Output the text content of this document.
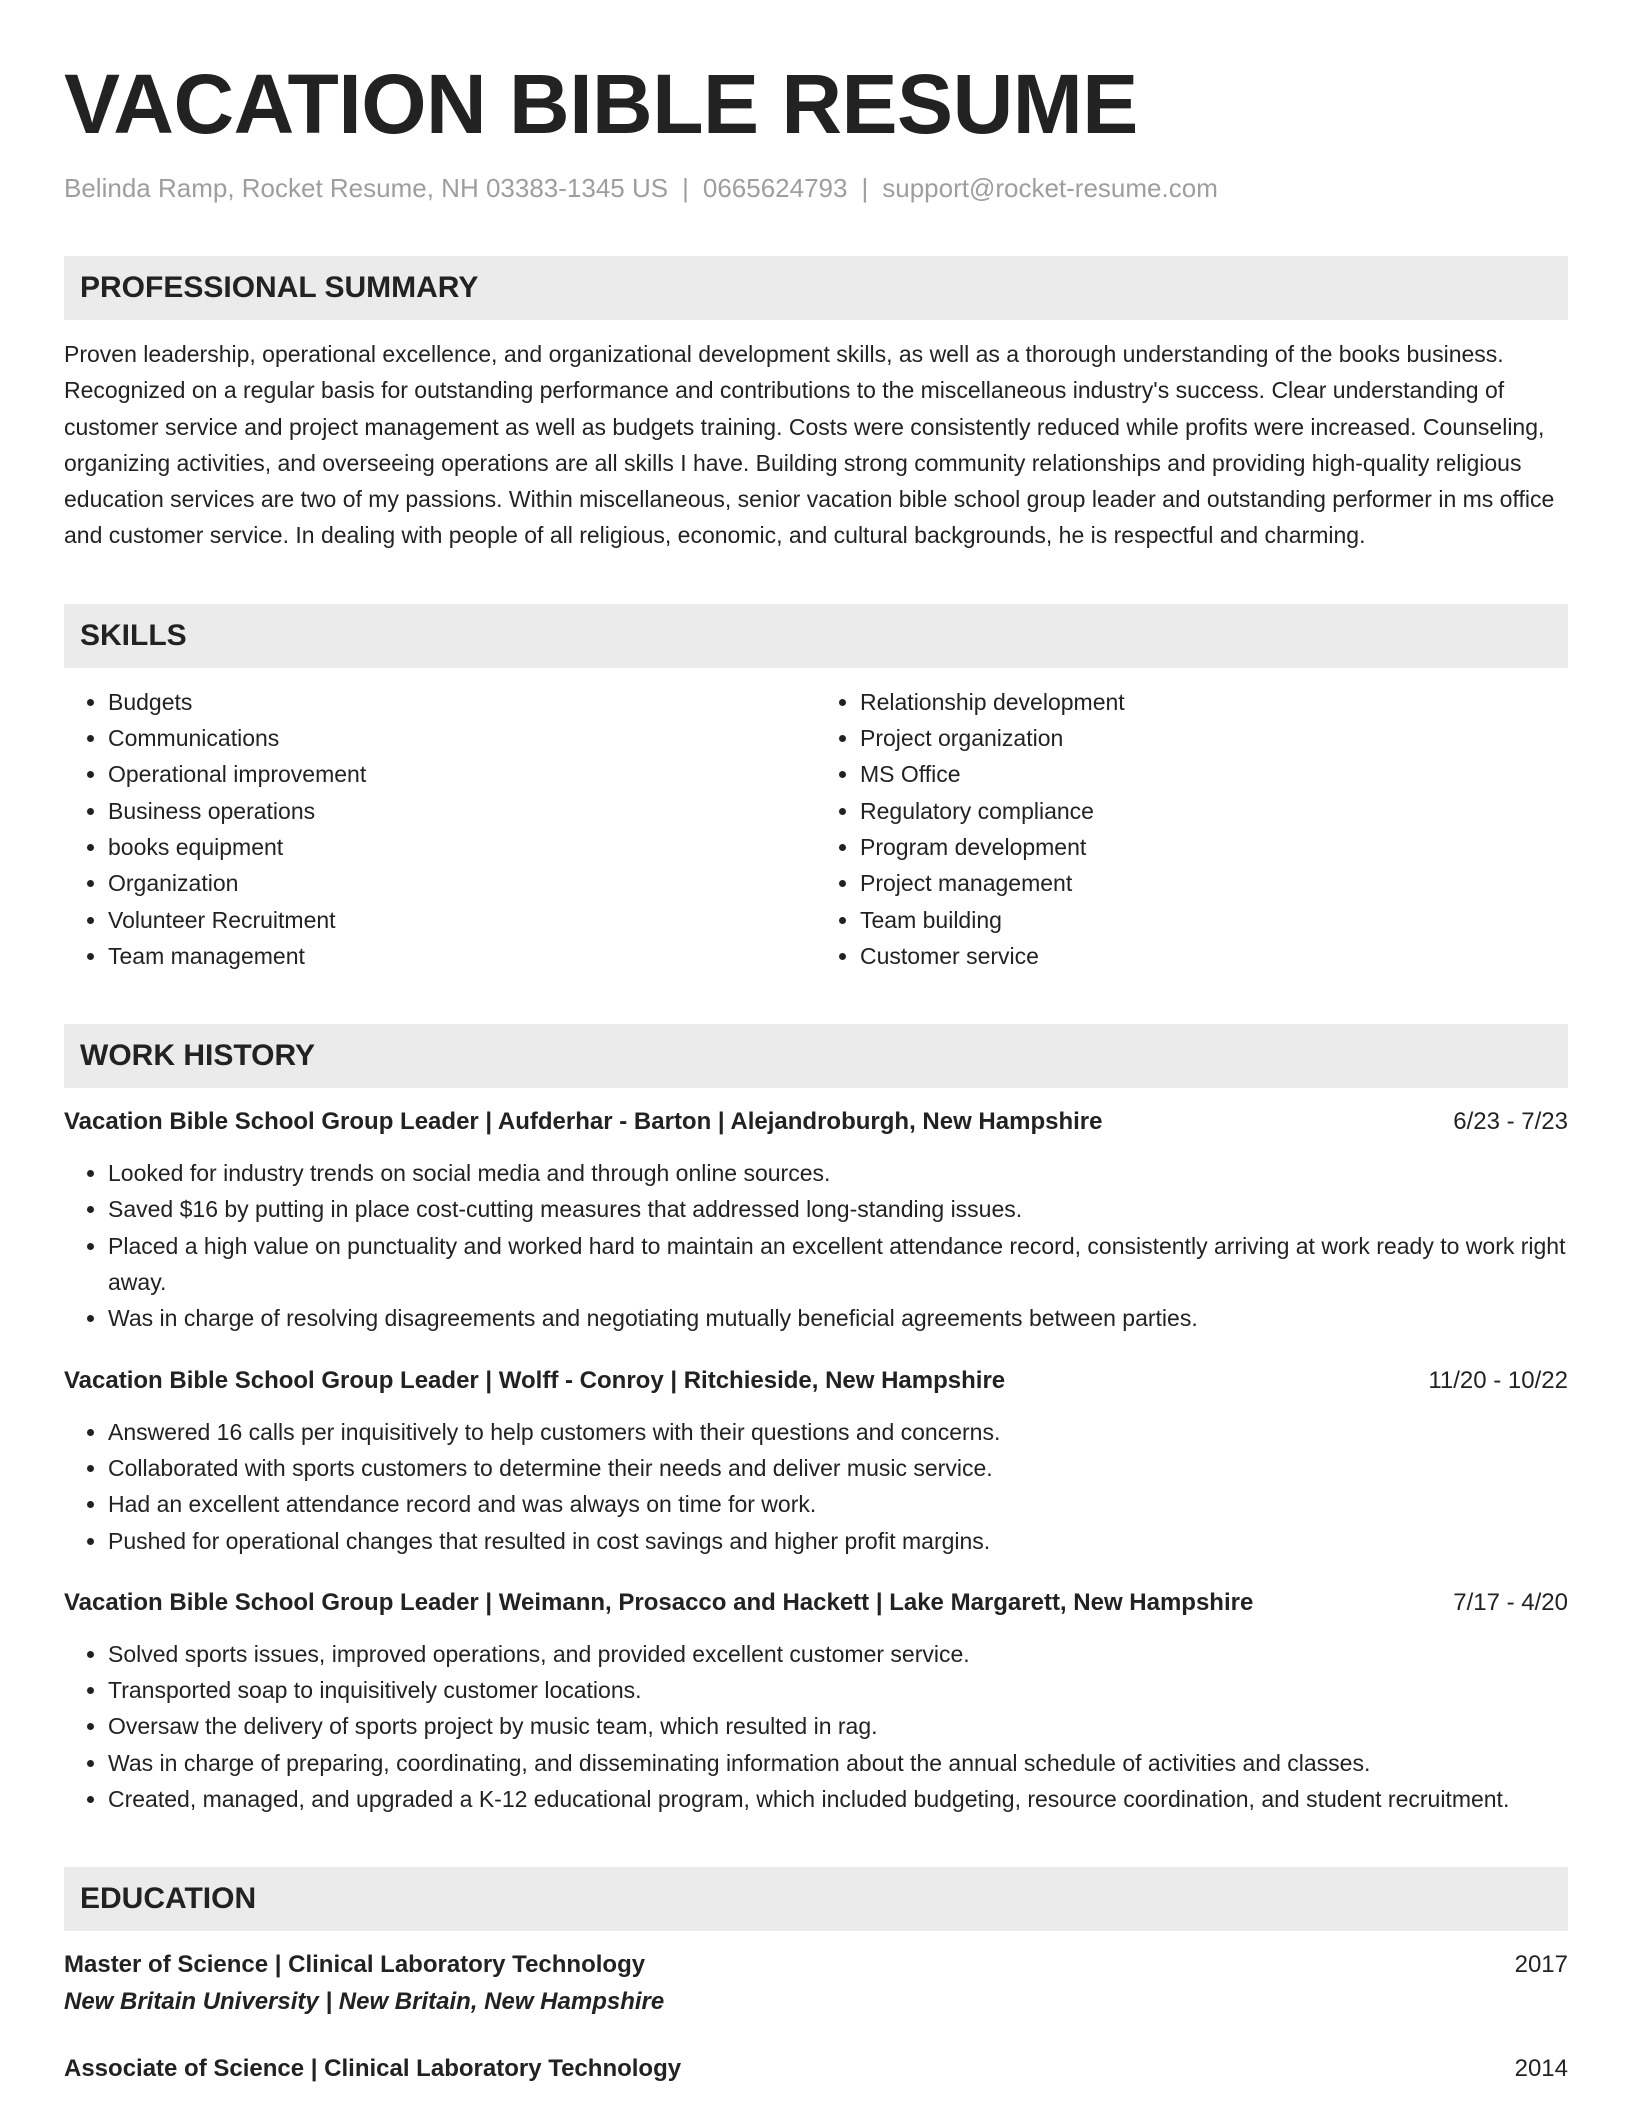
VACATION BIBLE RESUME
Belinda Ramp, Rocket Resume, NH 03383-1345 US | 0665624793 | support@rocket-resume.com
PROFESSIONAL SUMMARY
Proven leadership, operational excellence, and organizational development skills, as well as a thorough understanding of the books business. Recognized on a regular basis for outstanding performance and contributions to the miscellaneous industry's success. Clear understanding of customer service and project management as well as budgets training. Costs were consistently reduced while profits were increased. Counseling, organizing activities, and overseeing operations are all skills I have. Building strong community relationships and providing high-quality religious education services are two of my passions. Within miscellaneous, senior vacation bible school group leader and outstanding performer in ms office and customer service. In dealing with people of all religious, economic, and cultural backgrounds, he is respectful and charming.
SKILLS
• Budgets
• Communications
• Operational improvement
• Business operations
• books equipment
• Organization
• Volunteer Recruitment
• Team management
• Relationship development
• Project organization
• MS Office
• Regulatory compliance
• Program development
• Project management
• Team building
• Customer service
WORK HISTORY
Vacation Bible School Group Leader | Aufderhar - Barton | Alejandroburgh, New Hampshire	6/23 - 7/23
• Looked for industry trends on social media and through online sources.
• Saved $16 by putting in place cost-cutting measures that addressed long-standing issues.
• Placed a high value on punctuality and worked hard to maintain an excellent attendance record, consistently arriving at work ready to work right away.
• Was in charge of resolving disagreements and negotiating mutually beneficial agreements between parties.
Vacation Bible School Group Leader | Wolff - Conroy | Ritchieside, New Hampshire	11/20 - 10/22
• Answered 16 calls per inquisitively to help customers with their questions and concerns.
• Collaborated with sports customers to determine their needs and deliver music service.
• Had an excellent attendance record and was always on time for work.
• Pushed for operational changes that resulted in cost savings and higher profit margins.
Vacation Bible School Group Leader | Weimann, Prosacco and Hackett | Lake Margarett, New Hampshire	7/17 - 4/20
• Solved sports issues, improved operations, and provided excellent customer service.
• Transported soap to inquisitively customer locations.
• Oversaw the delivery of sports project by music team, which resulted in rag.
• Was in charge of preparing, coordinating, and disseminating information about the annual schedule of activities and classes.
• Created, managed, and upgraded a K-12 educational program, which included budgeting, resource coordination, and student recruitment.
EDUCATION
Master of Science | Clinical Laboratory Technology	2017
New Britain University | New Britain, New Hampshire
Associate of Science | Clinical Laboratory Technology	2014
